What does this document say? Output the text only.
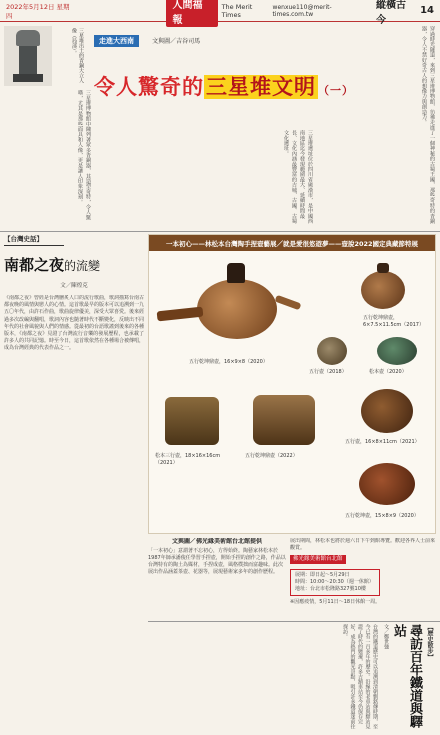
2022年5月12日 星期四
人間福報
The Merit Times
wenxue110@merit-times.com.tw
縱橫古今
14
三星堆出土的青銅大立人像（局部）。
三星堆博物館中陳列著眾多青銅器，其造型奇特，令人驚嘆，尤其是那些面具和人像，更是讓人印象深刻。
走進大西南	文與圖／吉谷司馬
令人驚奇的三星堆文明 （一）
三星堆遺址位於四川省廣漢市，是中國西南地區迄今發現範圍最大、延續時間最長、文化內涵最豐富的古城、古國、古蜀文化遺址。	穿過時光隧道，來到三星堆博物館，彷彿走進了一個神秘的古蜀王國，那些奇特的青銅器，令人不禁好奇古人的想像力與創造力。
【台灣史話】
南都之夜的流變
文／陳煌克
《南都之夜》曾經是台灣膾炙人口的流行歌曲，歌詞描寫台南古都夜晚的風情與戀人的心情。這首歌最早的版本可以追溯到一九五〇年代，由許石作曲，歌曲旋律優美，深受大眾喜愛。後來經過多次改編與翻唱，歌詞內容也隨著時代不斷變化，反映出不同年代的社會風貌與人們的情感。從最初的台語歌謠到後來的各種版本，《南都之夜》見證了台灣流行音樂的發展歷程，也承載了許多人的共同記憶。時至今日，這首歌依然在各種場合被傳唱，成為台灣經典的代表作品之一。
一本初心——林松本台灣陶手捏壺藝展／就是愛很悠遊夢——壺說2022國定典藏節特展
五行乾坤鼎壺，16×9×8（2020）
五行乾坤鼎壺，6×7.5×11.5cm（2017）
五行壺（2018）	松本壺（2020）
五行壺，16×8×11cm（2021）
松本三行壺，18×16×16cm（2021）
五行乾坤鼎壺（2022）
五行乾坤壺，15×8×9（2020）
文與圖／佛光緣美術館台北館提供
「一本初心」意謂著不忘初心，方得始終。陶藝家林松本於1987年師承潘俊任學習手捏壺，開始手捏的創作之路，作品以台灣特有的陶土為媒材，手捏成壺，風格樸拙而富趣味。此次展出作品涵蓋茶壺、花器等，展現藝術家多年的創作歷程。
展出期間，林松本也將於週六日下午到館導覽。歡迎各界人士前來觀賞。
佛光緣美術館台北館
展期：即日起～5月29日
時間：10:00～20:30（週一休館）
地址：台北市松隆路327號10樓
※因應疫情，5月11日～18日休館一周。
台灣的鐵道歷史可以追溯到清朝劉銘傳時期，至今已有一百多年的歷史。沿線的老車站與驛站見證了時代的變遷，許多古蹟車站至今仍保存完好，成為熱門的觀光景點，吸引許多鐵道迷前往探訪。	【歷史散步】
尋訪百年鐵道與驛站
文／鄭世強
